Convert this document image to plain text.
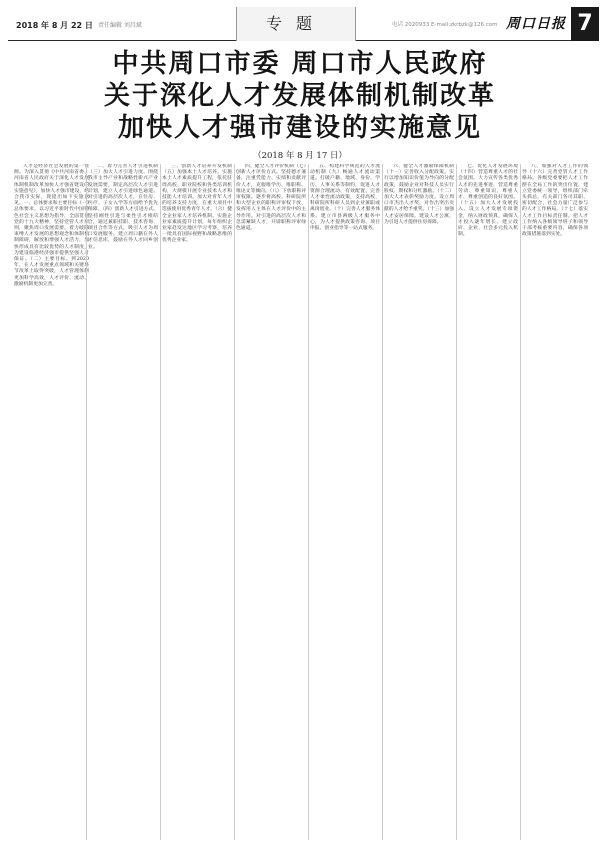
2018 年 8 月 22 日 责任编辑 刘昌斌	专题	电话 2020933 E-mail:zkrbzk@126.com 周口日报 7
中共周口市委 周口市人民政府
关于深化人才发展体制机制改革
加快人才强市建设的实施意见
（2018 年 8 月 17 日）

人才是经济社会发展的第一资源。为深入贯彻《中共河南省委、河南省人民政府关于深化人才发展体制机制改革加快人才强省建设的实施意见》，加快人才强市建设，结合我市实际，现提出如下实施意见。一、总体要求和主要目标（一）总体要求。以习近平新时代中国特色社会主义思想为指导，全面贯彻党的十九大精神，坚持党管人才原则，聚焦周口发展需要，着力破除束缚人才发展的思想观念和体制机制障碍，解放和增强人才活力，加快形成具有比较优势的人才制度，为建设临港经济强市提供坚强人才保证。（二）主要目标。到2020年，在人才发展重点领域和关键环节改革上取得突破，人才管理体制更加科学高效，人才评价、流动、激励机制更加完善。

二、着力完善人才引进机制（三）加大人才引进力度。围绕我市主导产业和战略性新兴产业发展需要，制定高层次人才引进计划，建立人才引进绿色通道。对引进的高层次人才，在住房、医疗、子女入学等方面给予优先保障。（四）创新人才引进方式。坚持刚性引进与柔性引才相结合，通过兼职挂职、技术咨询、项目合作等方式，吸引人才为周口发展服务。建立周口籍在外人才信息库，鼓励在外人才回乡创业。

三、创新人才培养开发机制（五）加强本土人才培养。实施本土人才素质提升工程，依托驻周高校、职业院校和各类培训机构，大规模开展专业技术人才和技能人才培训。加大对青年人才的培养支持力度，在重大项目中选拔使用优秀青年人才。（六）健全企业家人才培养机制。实施企业家素质提升计划，每年组织企业家赴发达地区学习考察，培养一批具有国际视野和战略思维的优秀企业家。

四、健全人才评价机制（七）创新人才评价方式。坚持德才兼备，注重凭能力、实绩和贡献评价人才，克服唯学历、唯职称、唯论文等倾向。（八）下放职称评审权限。逐步将高校、科研院所和大型企业的职称评审权下放，发挥用人主体在人才评价中的主导作用。对引进的高层次人才和急需紧缺人才，开辟职称评审绿色通道。

五、构建科学规范的人才流动机制（九）畅通人才流动渠道。打破户籍、地域、身份、学历、人事关系等制约，促进人才资源合理流动、有效配置。完善人才柔性流动政策，支持高校、科研院所科研人员到企业兼职或离岗创业。（十）完善人才服务体系。建立市县两级人才服务中心，为人才提供政策咨询、项目申报、创业指导等一站式服务。

六、健全人才激励保障机制（十一）完善收入分配政策。实行以增加知识价值为导向的分配政策，鼓励企业对科技人员实行股权、期权和分红激励。（十二）加大人才表彰奖励力度。设立周口市杰出人才奖，对作出突出贡献的人才给予重奖。（十三）加强人才安居保障。建设人才公寓，为引进人才提供住房保障。

七、优化人才发展环境（十四）营造尊重人才的社会氛围。大力宣传各类优秀人才的先进事迹，营造尊重劳动、尊重知识、尊重人才、尊重创造的良好氛围。（十五）加大人才发展投入。设立人才发展专项资金，纳入财政预算，确保人才投入逐年增长。建立政府、企业、社会多元投入机制。

八、加强对人才工作的领导（十六）完善党管人才工作格局。各级党委要把人才工作摆在全局工作的突出位置，建立党委统一领导，组织部门牵头抓总，有关部门各司其职、密切配合，社会力量广泛参与的人才工作格局。（十七）落实人才工作目标责任制。把人才工作纳入各级领导班子和领导干部考核重要内容，确保各项政策措施落到实处。
